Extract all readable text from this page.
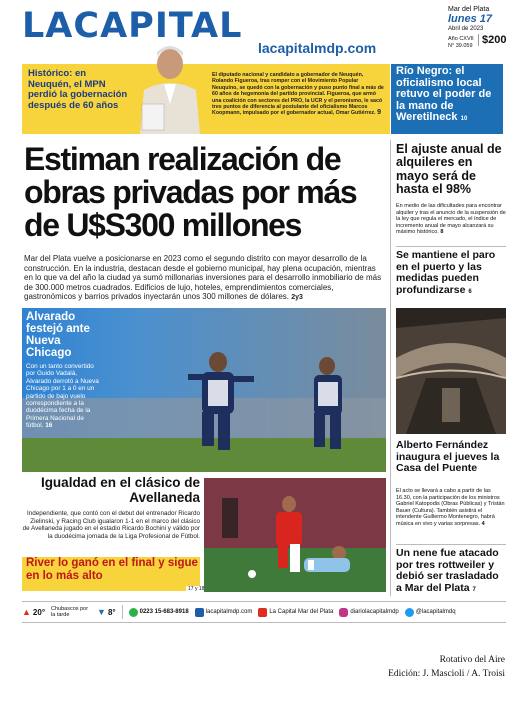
LACAPITAL
lacapitalmdp.com
Mar del Plata
lunes 17
Abril de 2023
Año CXVII N° 39.059 $200
Histórico: en Neuquén, el MPN perdió la gobernación después de 60 años
El diputado nacional y candidato a gobernador de Neuquén, Rolando Figueroa, tras romper con el Movimiento Popular Neuquino, se quedó con la gobernación y puso punto final a más de 60 años de hegemonía del partido provincial. Figueroa, que armó una coalición con sectores del PRO, la UCR y el peronismo, le sacó tres puntos de diferencia al postulante del oficialismo Marcos Koopmann, impulsado por el gobernador actual, Omar Gutiérrez. 9
Río Negro: el oficialismo local retuvo el poder de la mano de Weretilneck 10
Estiman realización de obras privadas por más de U$S300 millones
Mar del Plata vuelve a posicionarse en 2023 como el segundo distrito con mayor desarrollo de la construcción. En la industria, destacan desde el gobierno municipal, hay plena ocupación, mientras en lo que va del año la ciudad ya sumó millonarias inversiones para el desarrollo inmobiliario de más de 300.000 metros cuadrados. Edificios de lujo, hoteles, emprendimientos comerciales, gastronómicos y barrios privados inyectarán unos 300 millones de dólares. 2y3
Alvarado festejó ante Nueva Chicago
Con un tanto convertido por Guido Vadalá, Alvarado derrotó a Nueva Chicago por 1 a 0 en un partido de bajo vuelo correspondiente a la duodécima fecha de la Primera Nacional de fútbol. 16
Igualdad en el clásico de Avellaneda
Independiente, que contó con el debut del entrenador Ricardo Zielinski, y Racing Club igualaron 1-1 en el marco del clásico de Avellaneda jugado en el estadio Ricardo Bochini y válido por la duodécima jornada de la Liga Profesional de Fútbol.
River lo ganó en el final y sigue en lo más alto
17 y 18
El ajuste anual de alquileres en mayo será de hasta el 98%
En medio de las dificultades para encontrar alquiler y tras el anuncio de la suspensión de la ley que regula el mercado, el índice de incremento anual de mayo alcanzará su máximo histórico. 8
Se mantiene el paro en el puerto y las medidas pueden profundizarse 6
Alberto Fernández inaugura el jueves la Casa del Puente
El acto se llevará a cabo a partir de las 16.30, con la participación de los ministros Gabriel Katopodis (Obras Públicas) y Tristán Bauer (Cultura). También asistirá el intendente Guillermo Montenegro, habrá música en vivo y varias sorpresas. 4
Un nene fue atacado por tres rottweiler y debió ser trasladado a Mar del Plata 7
▲ 20° Chubascos por la tarde	▼ 8°	0223 15-683-8918	lacapitalmdp.com	La Capital Mar del Plata	diariolacapitalmdp	@lacapitalmdq
Rotativo del Aire
Edición: J. Mascioli / A. Troisi
